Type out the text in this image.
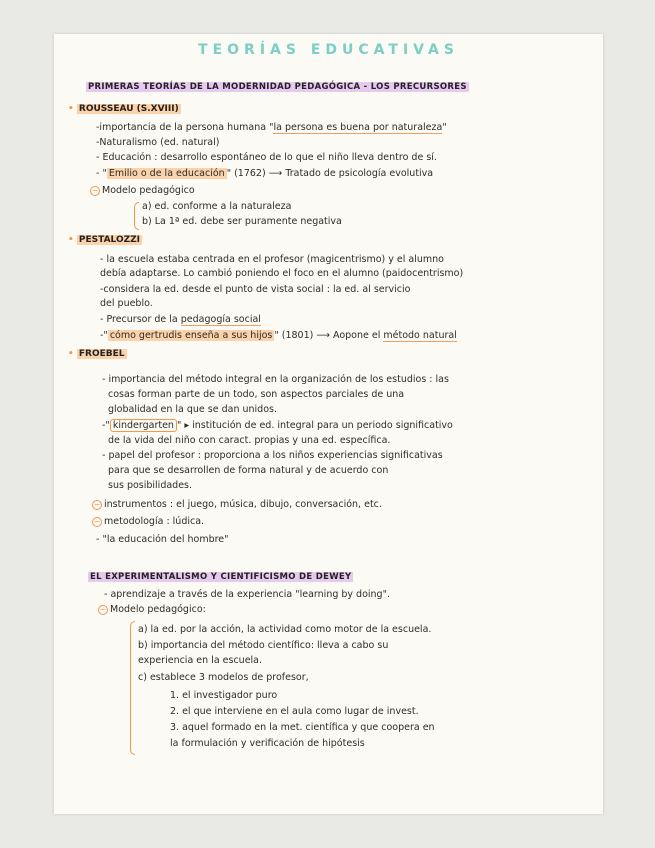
TEORÍAS EDUCATIVAS
PRIMERAS TEORÍAS DE LA MODERNIDAD PEDAGÓGICA - LOS PRECURSORES
• ROUSSEAU (S.XVIII)
-importancia de la persona humana "la persona es buena por naturaleza"
-Naturalismo (ed. natural)
- Educación : desarrollo espontáneo de lo que el niño lleva dentro de sí.
- " Emilio o de la educación " (1762) ⟶ Tratado de psicología evolutiva
− Modelo pedagógico
a) ed. conforme a la naturaleza
b) La 1ª ed. debe ser puramente negativa
• PESTALOZZI
- la escuela estaba centrada en el profesor (magicentrismo) y el alumno
debía adaptarse. Lo cambió poniendo el foco en el alumno (paidocentrismo)
-considera la ed. desde el punto de vista social : la ed. al servicio
del pueblo.
- Precursor de la pedagogía social
-" cómo gertrudis enseña a sus hijos " (1801) ⟶ Aopone el método natural
• FROEBEL
- importancia del método integral en la organización de los estudios : las
cosas forman parte de un todo, son aspectos parciales de una
globalidad en la que se dan unidos.
-" kindergarten " ▸ institución de ed. integral para un periodo significativo
de la vida del niño con caract. propias y una ed. específica.
- papel del profesor : proporciona a los niños experiencias significativas
para que se desarrollen de forma natural y de acuerdo con
sus posibilidades.
− instrumentos : el juego, música, dibujo, conversación, etc.
− metodología : lúdica.
- "la educación del hombre"
EL EXPERIMENTALISMO Y CIENTIFICISMO DE DEWEY
- aprendizaje a través de la experiencia "learning by doing".
− Modelo pedagógico:
a) la ed. por la acción, la actividad como motor de la escuela.
b) importancia del método científico: lleva a cabo su
experiencia en la escuela.
c) establece 3 modelos de profesor,
1. el investigador puro
2. el que interviene en el aula como lugar de invest.
3. aquel formado en la met. científica y que coopera en
la formulación y verificación de hipótesis
